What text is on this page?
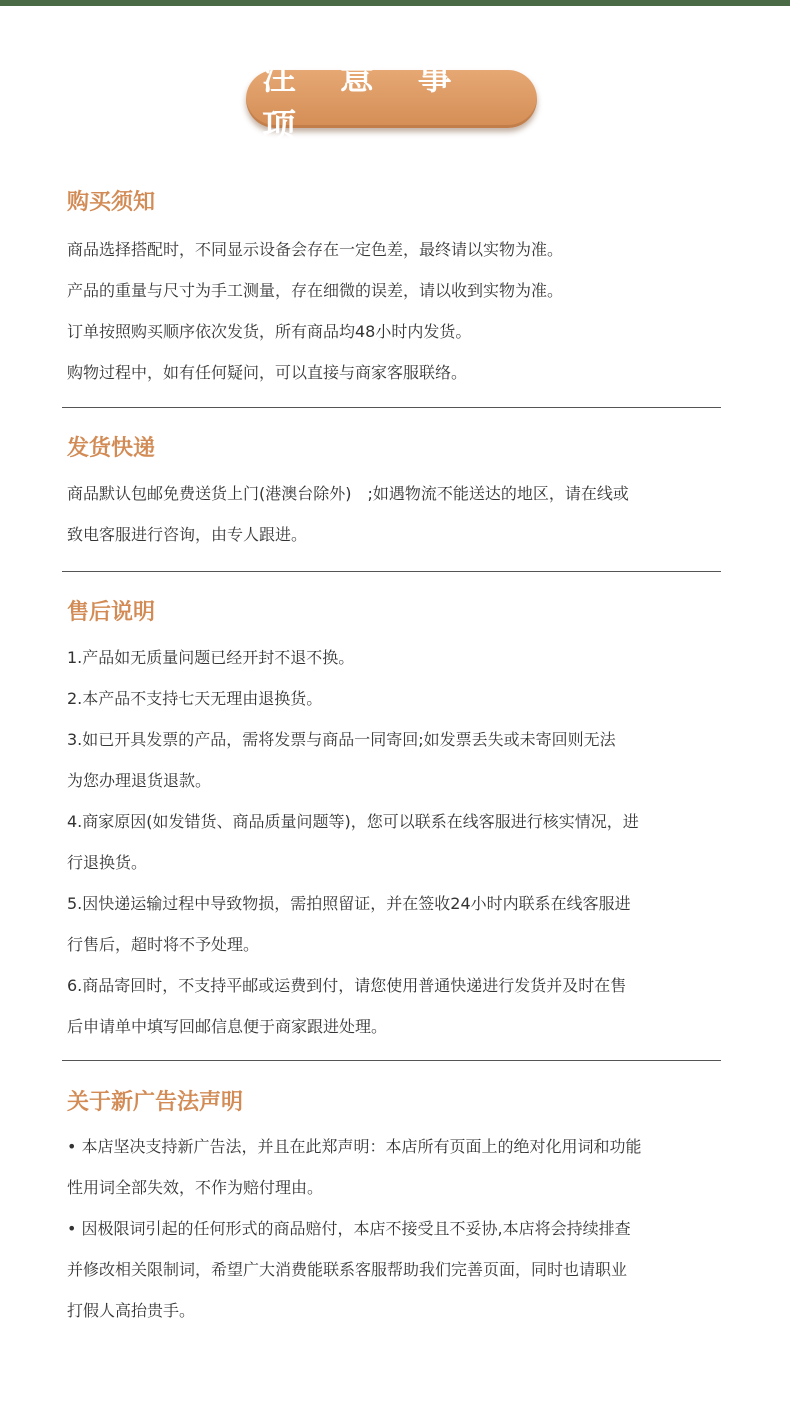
注 意 事 项
购买须知

商品选择搭配时，不同显示设备会存在一定色差，最终请以实物为准。

产品的重量与尺寸为手工测量，存在细微的误差，请以收到实物为准。

订单按照购买顺序依次发货，所有商品均48小时内发货。

购物过程中，如有任何疑问，可以直接与商家客服联络。

发货快递

商品默认包邮免费送货上门(港澳台除外)　;如遇物流不能送达的地区，请在线或

致电客服进行咨询，由专人跟进。

售后说明

1.产品如无质量问题已经开封不退不换。

2.本产品不支持七天无理由退换货。

3.如已开具发票的产品，需将发票与商品一同寄回;如发票丢失或未寄回则无法

为您办理退货退款。

4.商家原因(如发错货、商品质量问题等)，您可以联系在线客服进行核实情况，进

行退换货。

5.因快递运输过程中导致物损，需拍照留证，并在签收24小时内联系在线客服进

行售后，超时将不予处理。

6.商品寄回时，不支持平邮或运费到付，请您使用普通快递进行发货并及时在售

后申请单中填写回邮信息便于商家跟进处理。

关于新广告法声明

• 本店坚决支持新广告法，并且在此郑声明：本店所有页面上的绝对化用词和功能

性用词全部失效，不作为赔付理由。

• 因极限词引起的任何形式的商品赔付，本店不接受且不妥协,本店将会持续排查

并修改相关限制词，希望广大消费能联系客服帮助我们完善页面，同时也请职业

打假人高抬贵手。
